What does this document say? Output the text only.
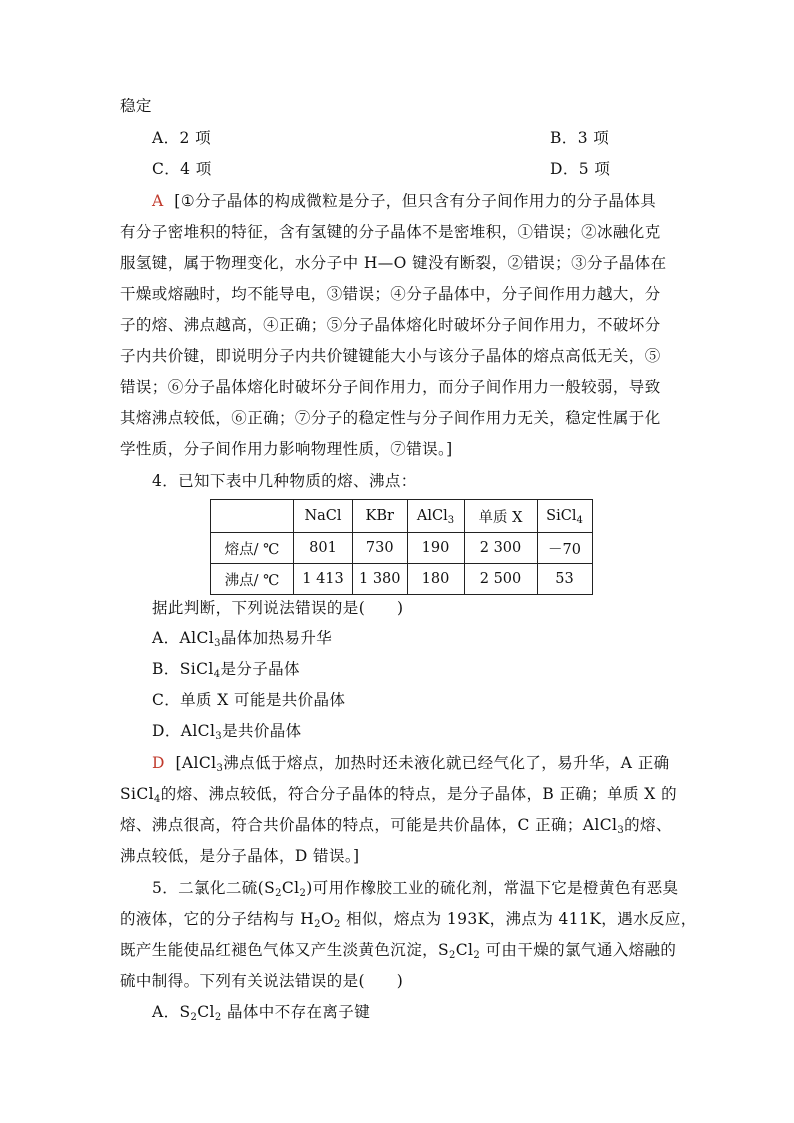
稳定
A．2 项	B．3 项
C．4 项	D．5 项
A [①分子晶体的构成微粒是分子，但只含有分子间作用力的分子晶体具
有分子密堆积的特征，含有氢键的分子晶体不是密堆积，①错误；②冰融化克
服氢键，属于物理变化，水分子中 H—O 键没有断裂，②错误；③分子晶体在
干燥或熔融时，均不能导电，③错误；④分子晶体中，分子间作用力越大，分
子的熔、沸点越高，④正确；⑤分子晶体熔化时破坏分子间作用力，不破坏分
子内共价键，即说明分子内共价键键能大小与该分子晶体的熔点高低无关，⑤
错误；⑥分子晶体熔化时破坏分子间作用力，而分子间作用力一般较弱，导致
其熔沸点较低，⑥正确；⑦分子的稳定性与分子间作用力无关，稳定性属于化
学性质，分子间作用力影响物理性质，⑦错误。]
4．已知下表中几种物质的熔、沸点：
	NaCl	KBr	AlCl$_3$	单质 X	SiCl$_4$
熔点/ ℃	801	730	190	2 300	－70
沸点/ ℃	1 413	1 380	180	2 500	53
据此判断，下列说法错误的是(　　)
A．AlCl$_3$晶体加热易升华
B．SiCl$_4$是分子晶体
C．单质 X 可能是共价晶体
D．AlCl$_3$是共价晶体
D [AlCl$_3$沸点低于熔点，加热时还未液化就已经气化了，易升华，A 正确
SiCl$_4$的熔、沸点较低，符合分子晶体的特点，是分子晶体，B 正确；单质 X 的
熔、沸点很高，符合共价晶体的特点，可能是共价晶体，C 正确；AlCl$_3$的熔、
沸点较低，是分子晶体，D 错误。]
5．二氯化二硫$(S_2Cl_2)$可用作橡胶工业的硫化剂，常温下它是橙黄色有恶臭
的液体，它的分子结构与 $H_2O_2$ 相似，熔点为 193K，沸点为 411K，遇水反应，
既产生能使品红褪色气体又产生淡黄色沉淀，$S_2Cl_2$ 可由干燥的氯气通入熔融的
硫中制得。下列有关说法错误的是(　　)
A．$S_2Cl_2$ 晶体中不存在离子键
